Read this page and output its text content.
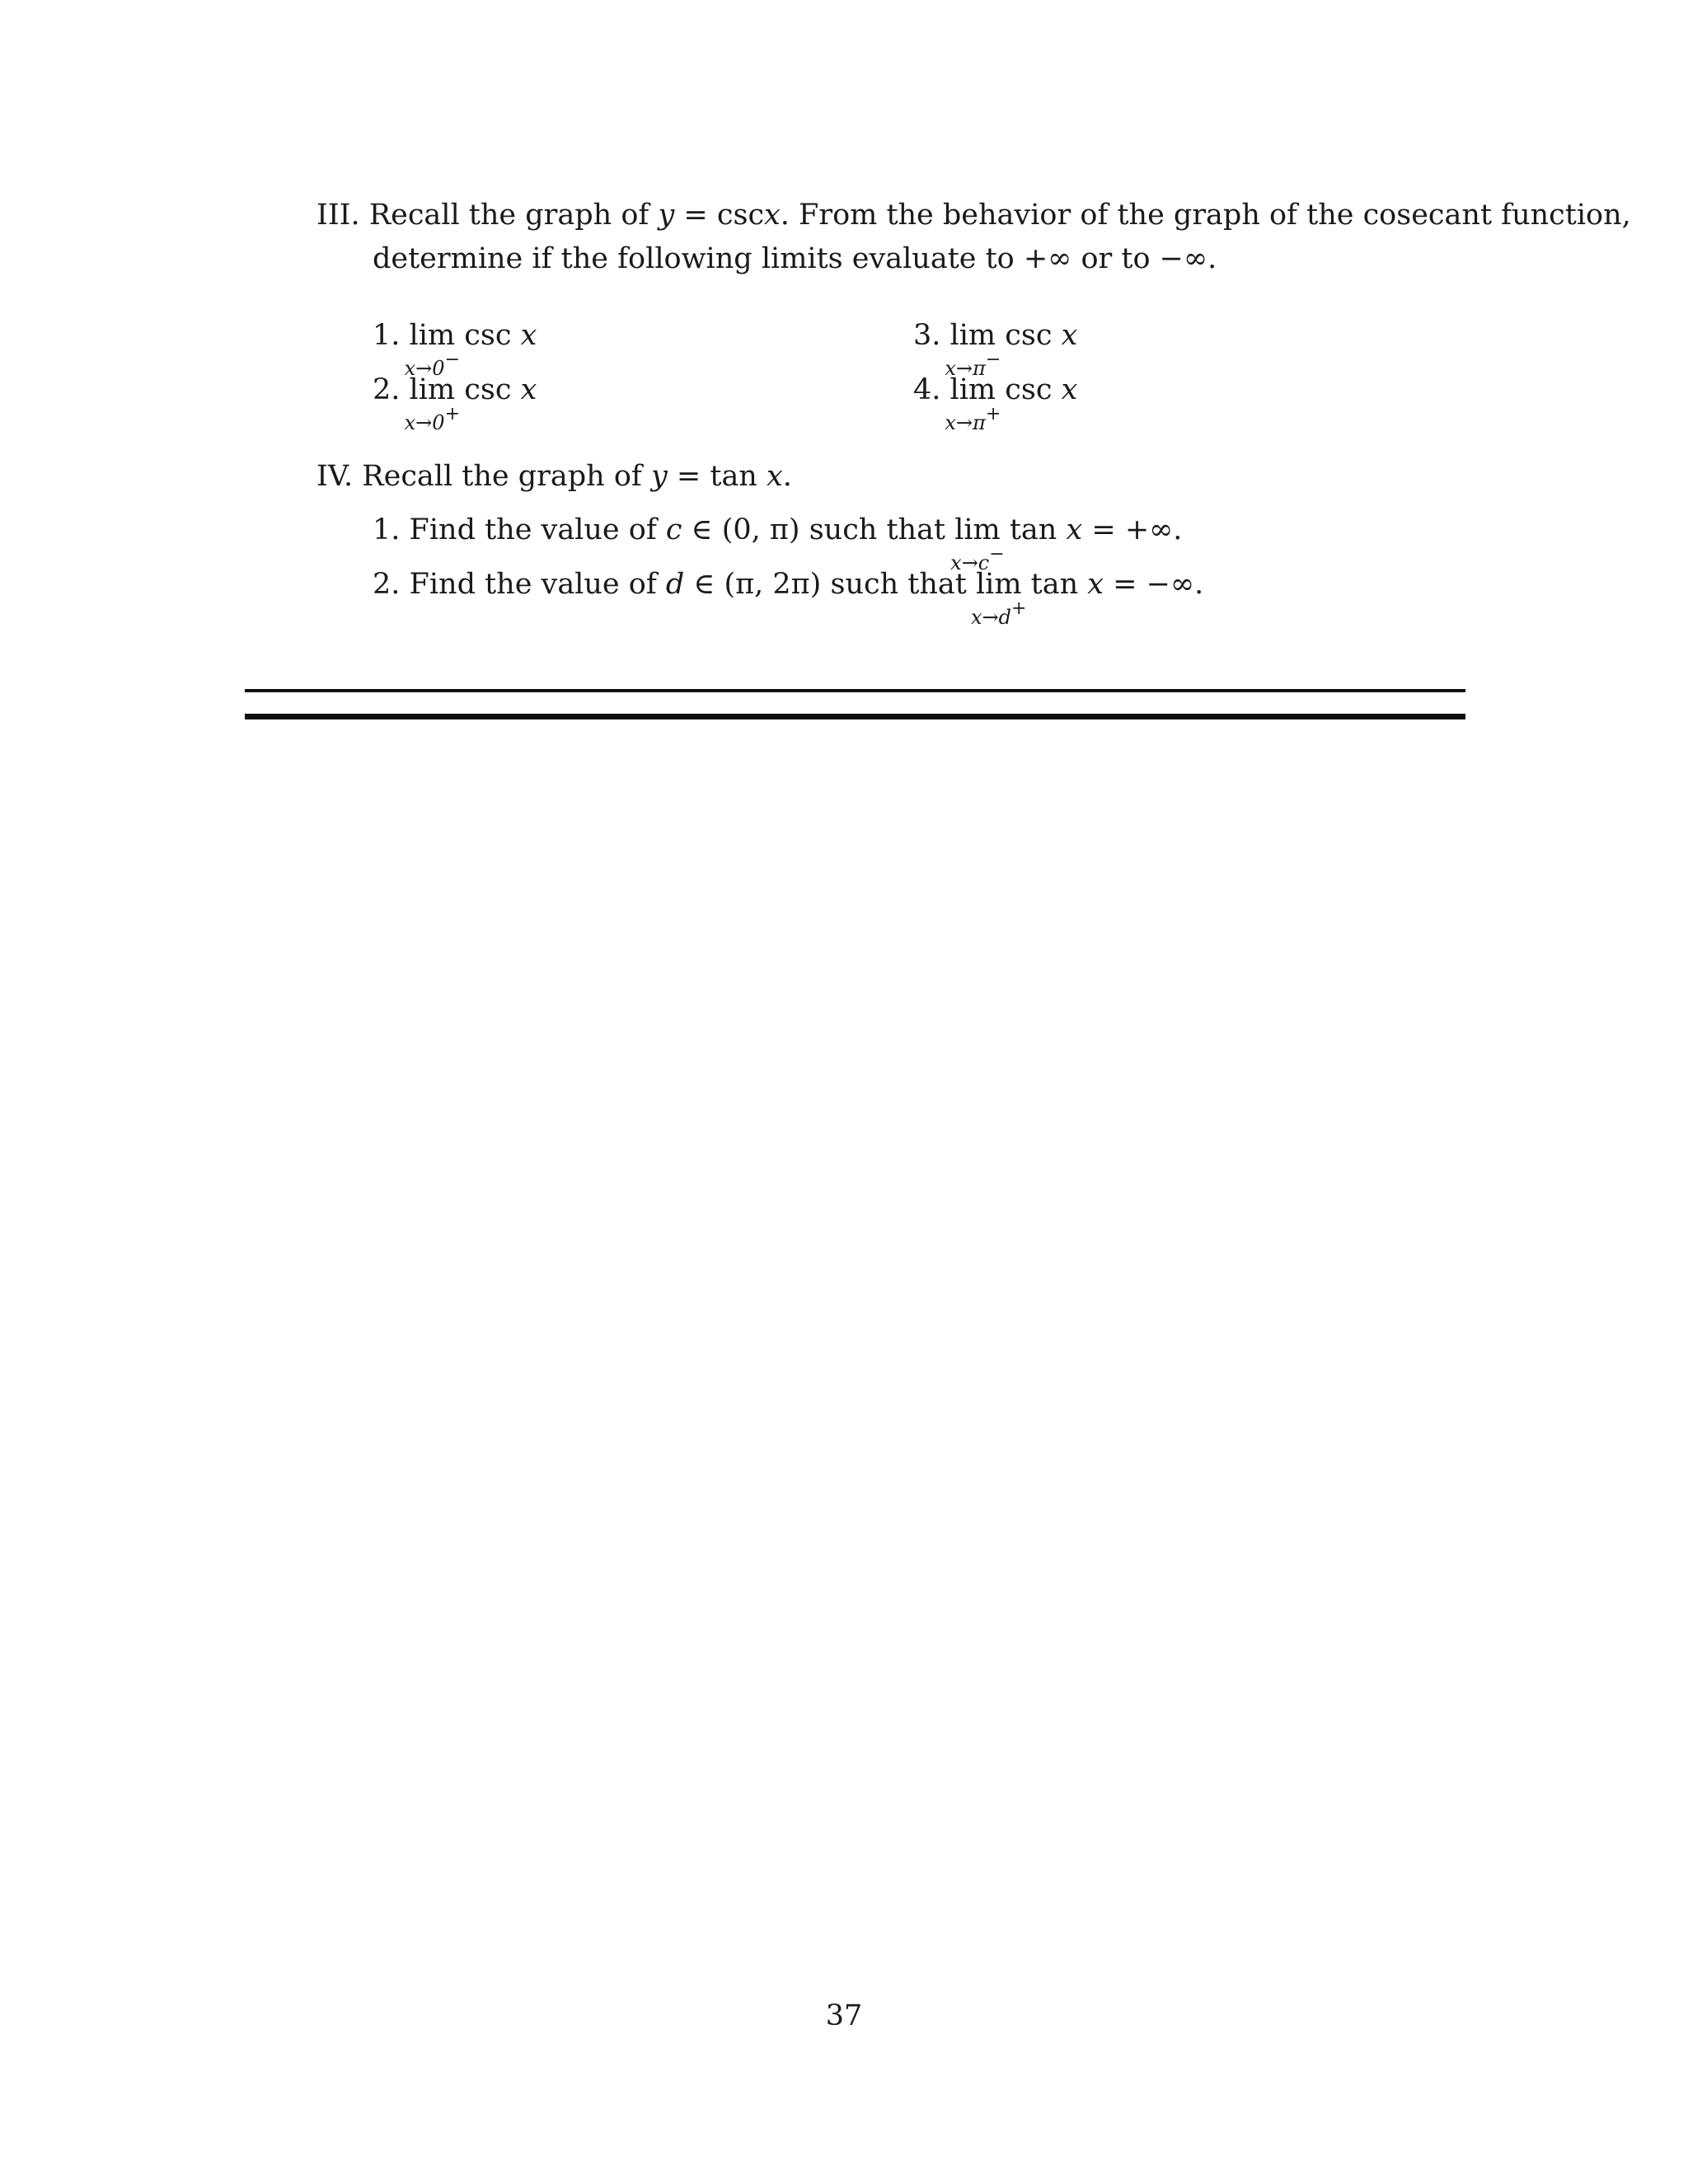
III. Recall the graph of y = cscx. From the behavior of the graph of the cosecant function,
determine if the following limits evaluate to +∞ or to −∞.
1. lim
x→0−
csc x
2. lim
x→0+
csc x
3. lim
x→π−
csc x
4. lim
x→π+
csc x
IV. Recall the graph of y = tan x.
1. Find the value of c ∈ (0, π) such that lim
x→c−
tan x = +∞.
2. Find the value of d ∈ (π, 2π) such that lim
x→d+
tan x = −∞.
37
